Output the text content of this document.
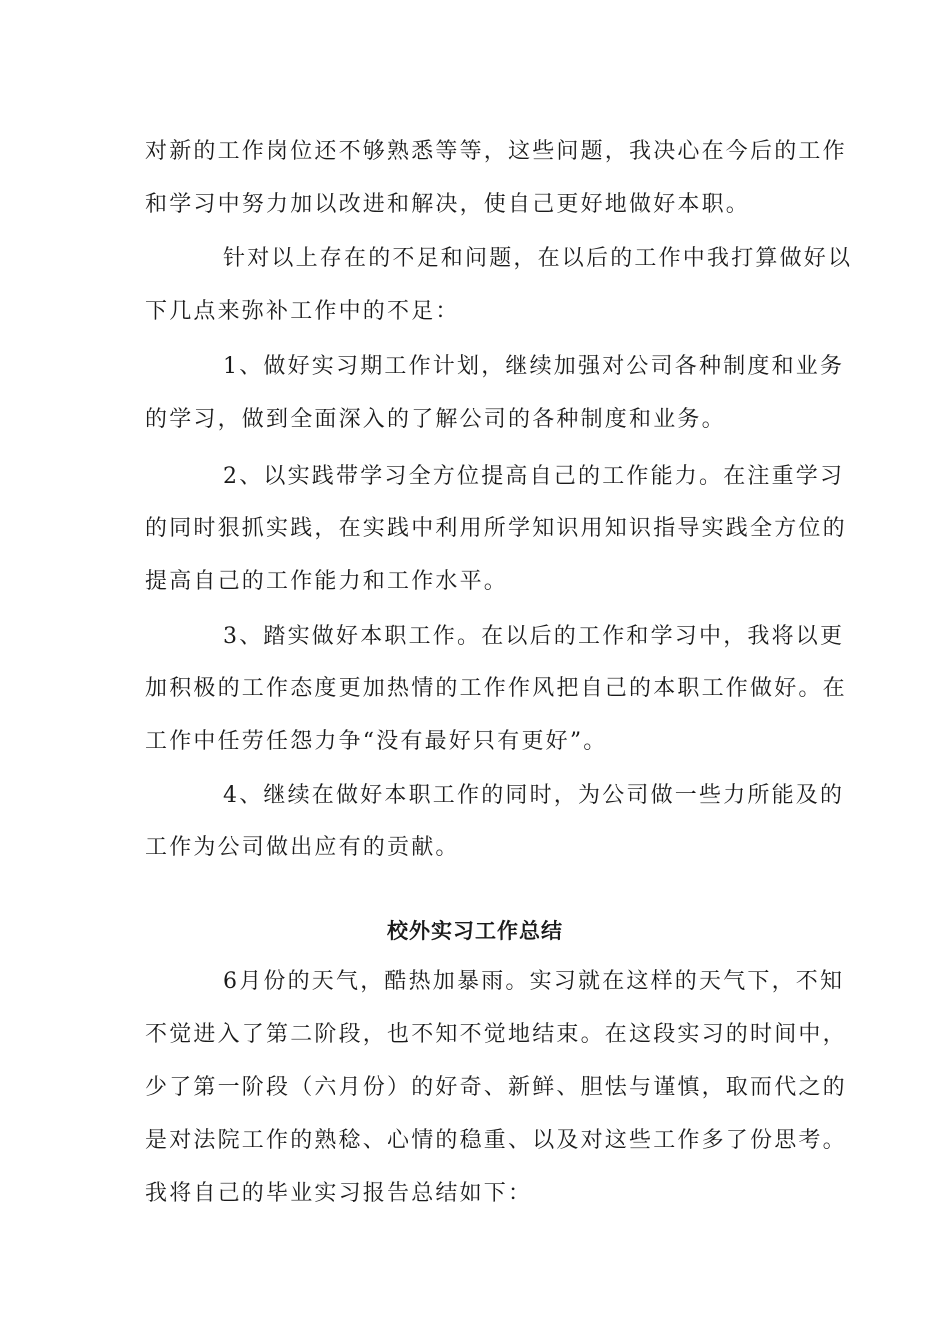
对新的工作岗位还不够熟悉等等，这些问题，我决心在今后的工作
和学习中努力加以改进和解决，使自己更好地做好本职。
针对以上存在的不足和问题，在以后的工作中我打算做好以
下几点来弥补工作中的不足：
1、做好实习期工作计划，继续加强对公司各种制度和业务
的学习，做到全面深入的了解公司的各种制度和业务。
2、以实践带学习全方位提高自己的工作能力。在注重学习
的同时狠抓实践，在实践中利用所学知识用知识指导实践全方位的
提高自己的工作能力和工作水平。
3、踏实做好本职工作。在以后的工作和学习中，我将以更
加积极的工作态度更加热情的工作作风把自己的本职工作做好。在
工作中任劳任怨力争“没有最好只有更好”。
4、继续在做好本职工作的同时，为公司做一些力所能及的
工作为公司做出应有的贡献。
校外实习工作总结
6月份的天气，酷热加暴雨。实习就在这样的天气下，不知
不觉进入了第二阶段，也不知不觉地结束。在这段实习的时间中，
少了第一阶段（六月份）的好奇、新鲜、胆怯与谨慎，取而代之的
是对法院工作的熟稔、心情的稳重、以及对这些工作多了份思考。
我将自己的毕业实习报告总结如下：
